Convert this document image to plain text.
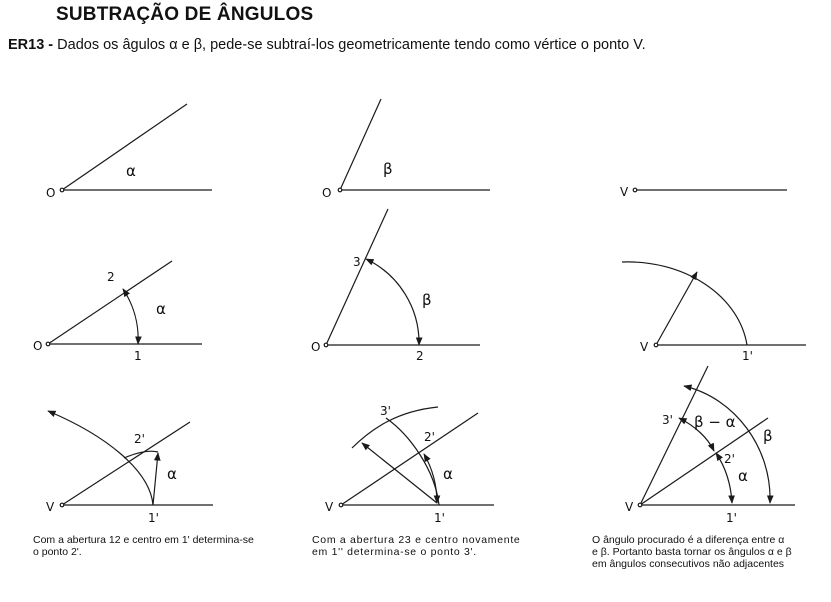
SUBTRAÇÃO DE ÂNGULOS
ER13 - Dados os âgulos α e β, pede-se subtraí-los geometricamente tendo como vértice o ponto V.
O
α
O
β
V
O
2
1
α
O
3
2
β
V
1'
V
2'
1'
α
V
3'
2'
1'
α
V
3'
2'
1'
β − α
β
α
Com a abertura 12 e centro em 1' determina-se o ponto 2'.
Com a abertura 23 e centro novamente em 1'' determina-se o ponto 3'.
O ângulo procurado é a diferença entre α e β. Portanto basta tornar os ângulos α e β em ângulos consecutivos não adjacentes
